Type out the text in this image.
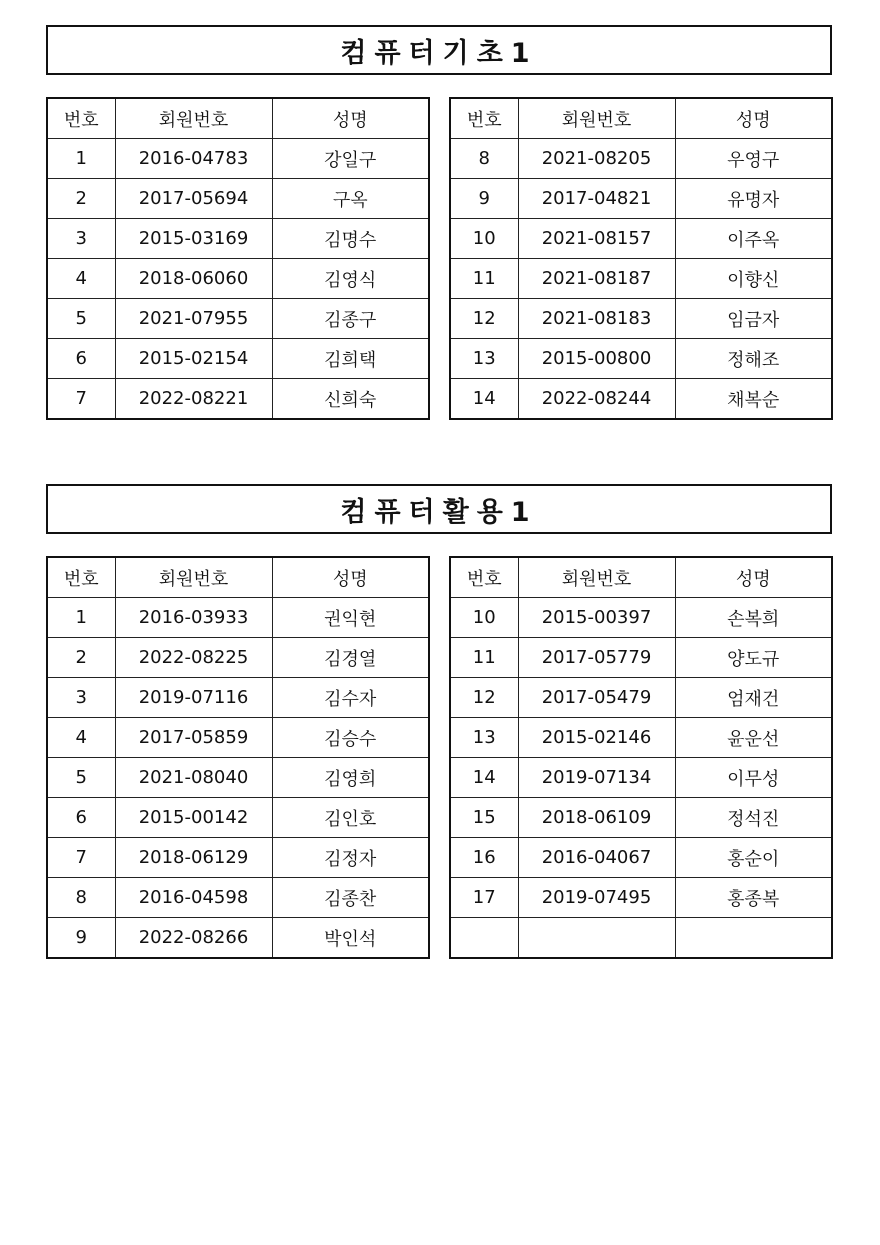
컴퓨터기초1
번호	회원번호	성명
1	2016-04783	강일구
2	2017-05694	구옥
3	2015-03169	김명수
4	2018-06060	김영식
5	2021-07955	김종구
6	2015-02154	김희택
7	2022-08221	신희숙
번호	회원번호	성명
8	2021-08205	우영구
9	2017-04821	유명자
10	2021-08157	이주옥
11	2021-08187	이향신
12	2021-08183	임금자
13	2015-00800	정해조
14	2022-08244	채복순
컴퓨터활용1
번호	회원번호	성명
1	2016-03933	권익현
2	2022-08225	김경열
3	2019-07116	김수자
4	2017-05859	김승수
5	2021-08040	김영희
6	2015-00142	김인호
7	2018-06129	김정자
8	2016-04598	김종찬
9	2022-08266	박인석
번호	회원번호	성명
10	2015-00397	손복희
11	2017-05779	양도규
12	2017-05479	엄재건
13	2015-02146	윤운선
14	2019-07134	이무성
15	2018-06109	정석진
16	2016-04067	홍순이
17	2019-07495	홍종복
